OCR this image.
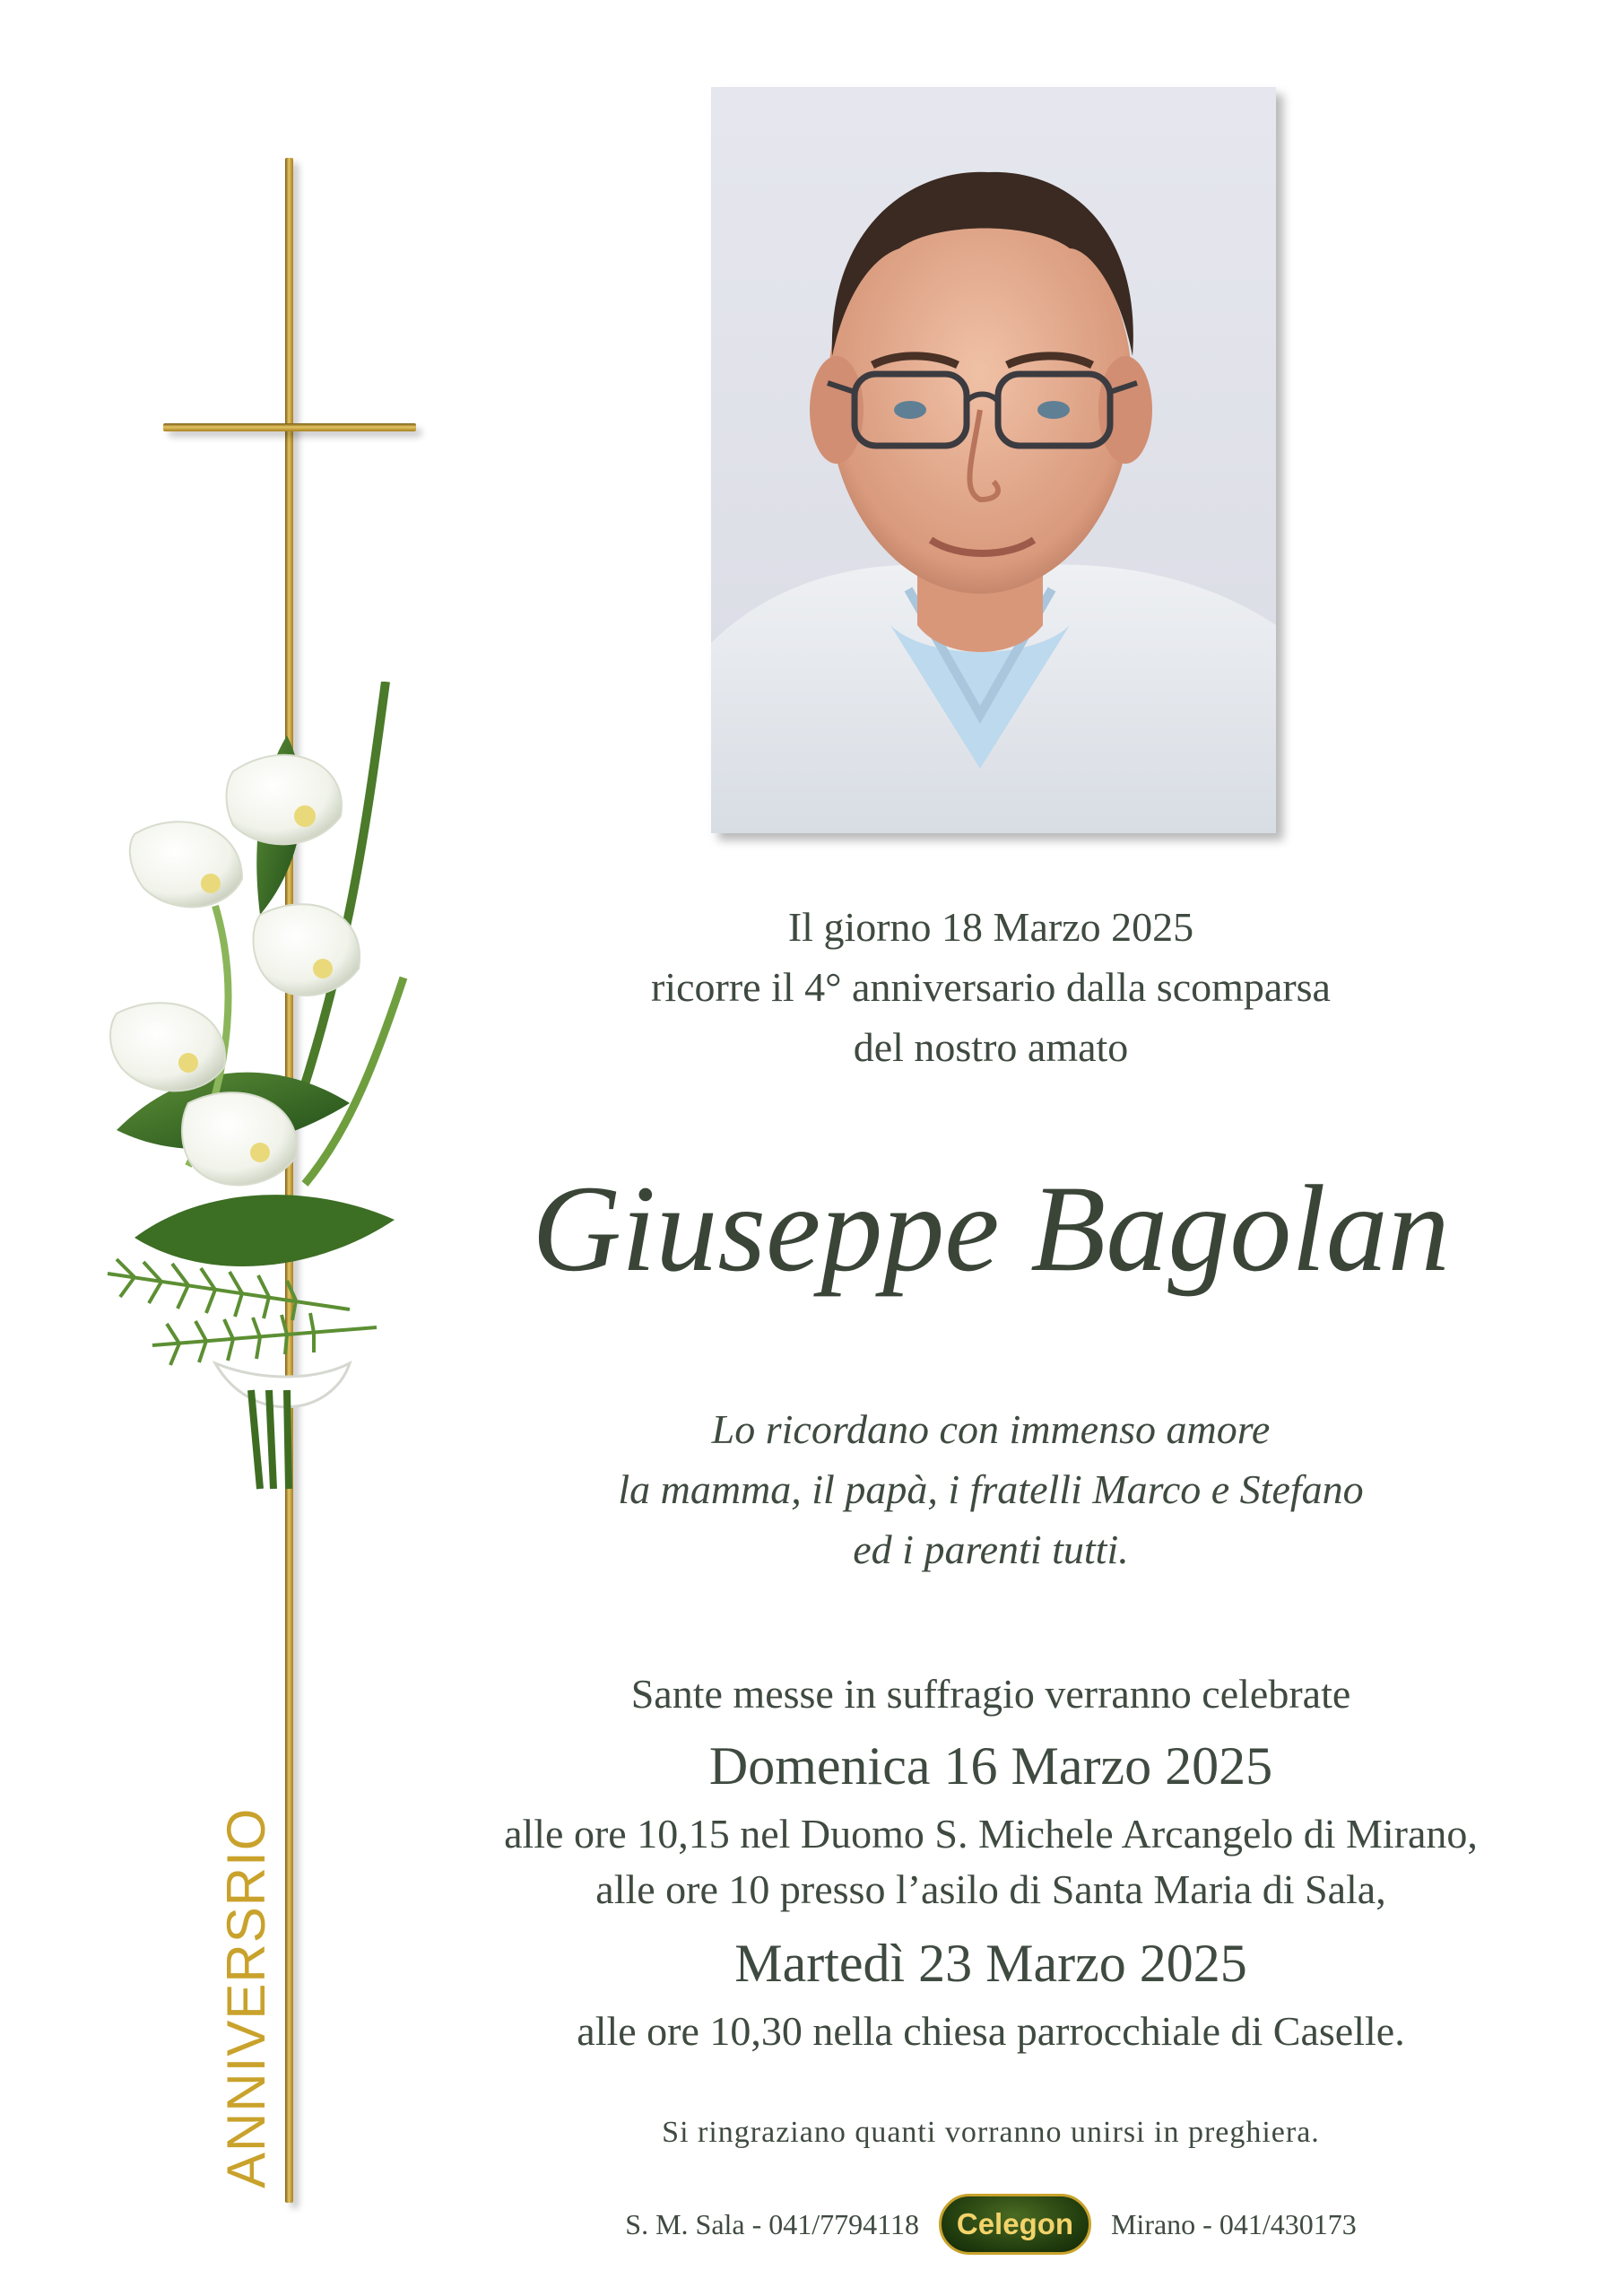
ANNIVERSRIO
Il giorno 18 Marzo 2025
ricorre il 4° anniversario dalla scomparsa
del nostro amato
Giuseppe Bagolan
Lo ricordano con immenso amore
la mamma, il papà, i fratelli Marco e Stefano
ed i parenti tutti.
Sante messe in suffragio verranno celebrate
Domenica 16 Marzo 2025
alle ore 10,15 nel Duomo S. Michele Arcangelo di Mirano,
alle ore 10 presso l’asilo di Santa Maria di Sala,
Martedì 23 Marzo 2025
alle ore 10,30 nella chiesa parrocchiale di Caselle.
Si ringraziano quanti vorranno unirsi in preghiera.
S. M. Sala - 041/7794118 Celegon Mirano - 041/430173
